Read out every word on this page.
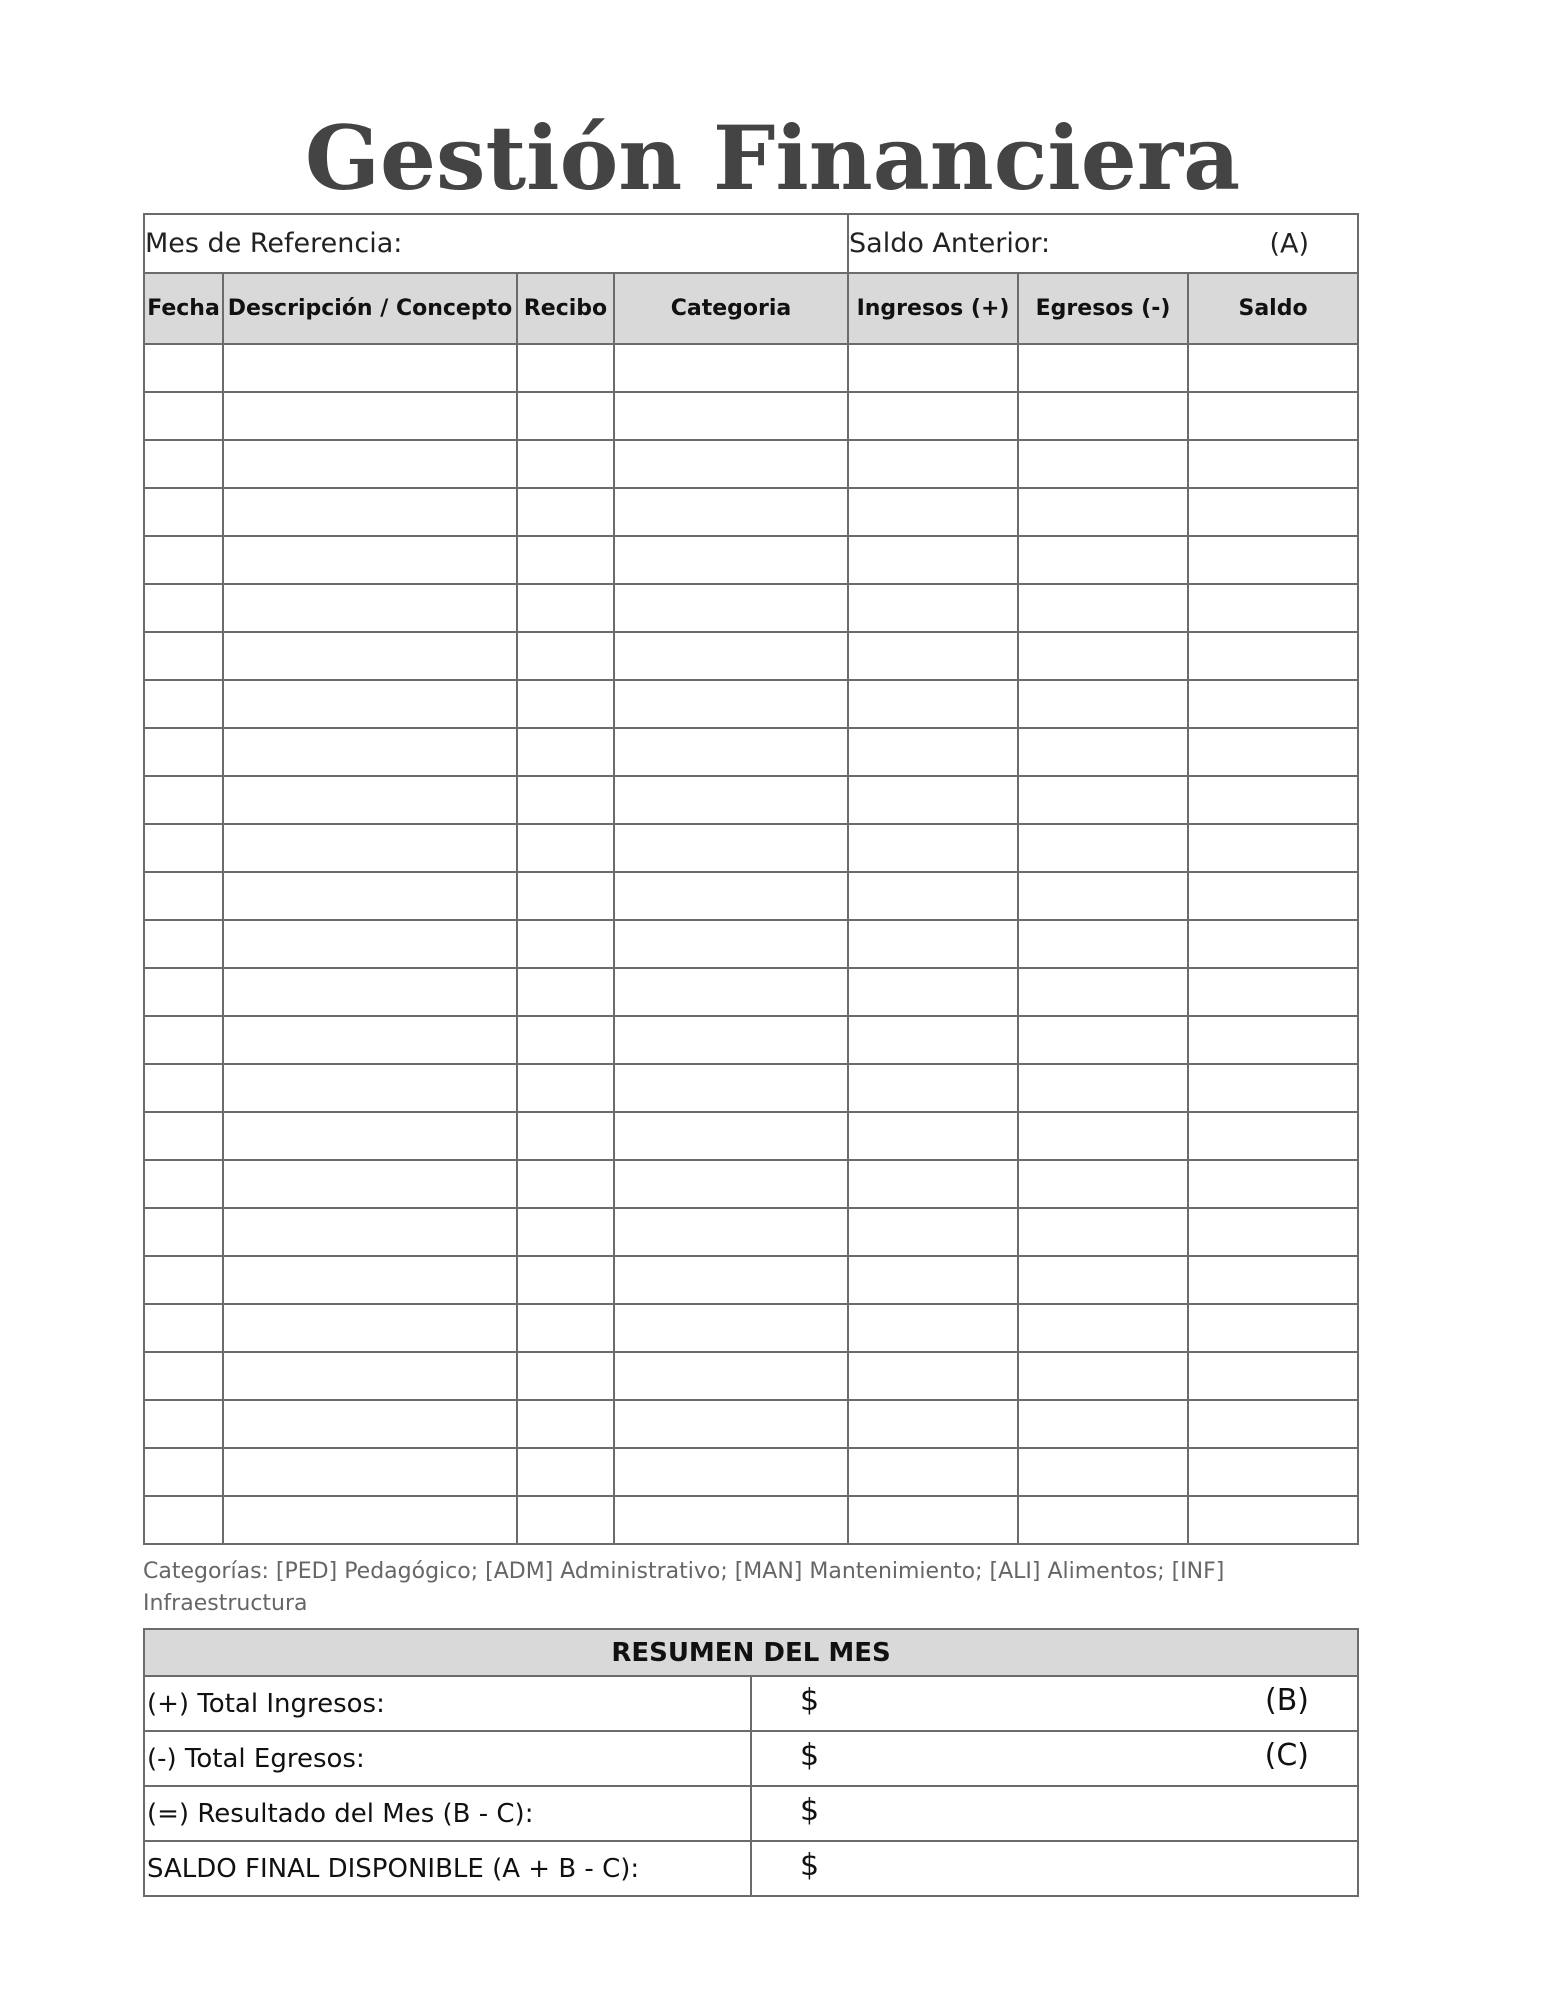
Gestión Financiera
Mes de Referencia:				Saldo Anterior: (A)		

Fecha	Descripción / Concepto	Recibo	Categoria	Ingresos (+)	Egresos (-)	Saldo

Categorías: [PED] Pedagógico; [ADM] Administrativo; [MAN] Mantenimiento; [ALI] Alimentos; [INF] Infraestructura
RESUMEN DEL MES	
(+) Total Ingresos:	$ (B)

(-) Total Egresos:	$ (C)

(=) Resultado del Mes (B - C):	$

SALDO FINAL DISPONIBLE (A + B - C):	$
